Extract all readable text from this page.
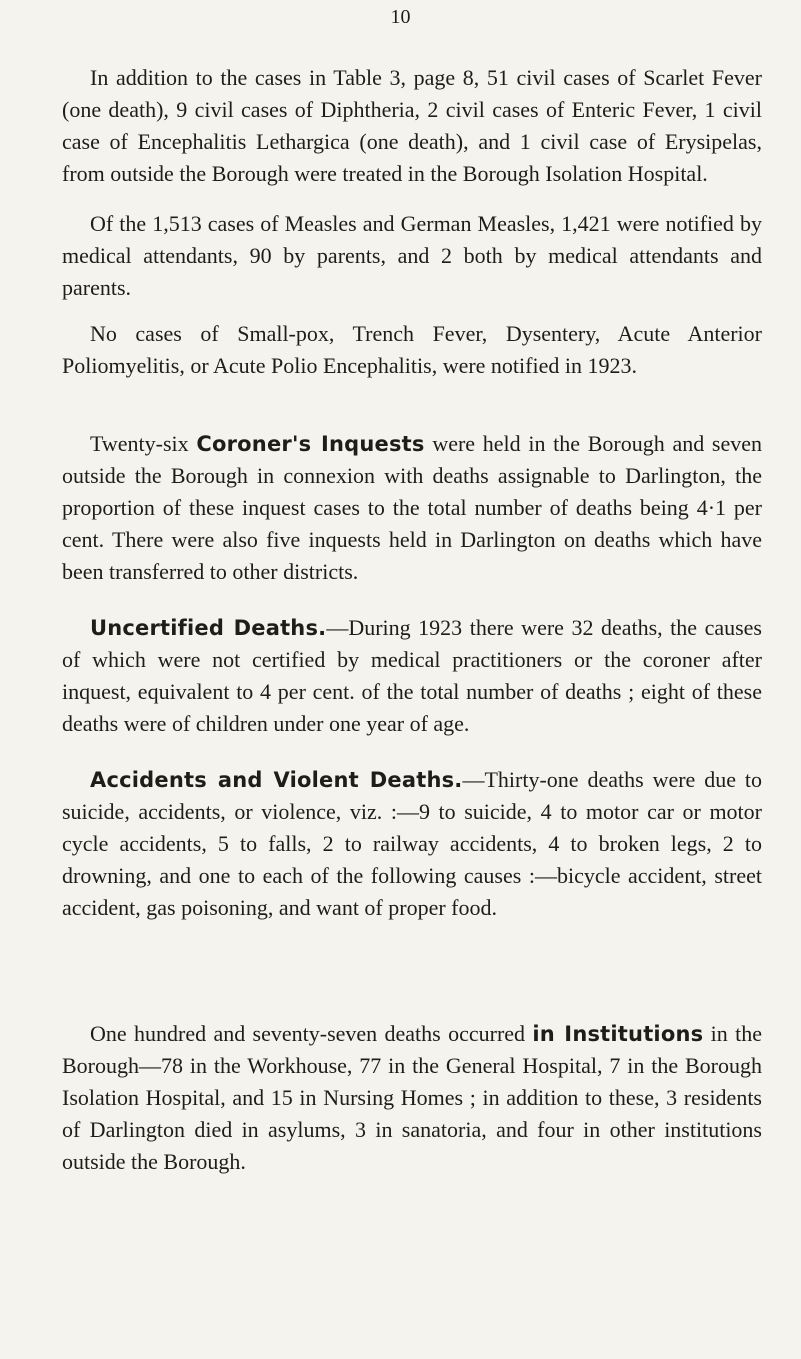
10

In addition to the cases in Table 3, page 8, 51 civil cases of Scarlet Fever (one death), 9 civil cases of Diphtheria, 2 civil cases of Enteric Fever, 1 civil case of Encephalitis Lethargica (one death), and 1 civil case of Erysipelas, from outside the Borough were treated in the Borough Isolation Hospital.

Of the 1,513 cases of Measles and German Measles, 1,421 were notified by medical attendants, 90 by parents, and 2 both by medical attendants and parents.

No cases of Small-pox, Trench Fever, Dysentery, Acute Anterior Poliomyelitis, or Acute Polio Encephalitis, were notified in 1923.

Twenty-six Coroner's Inquests were held in the Borough and seven outside the Borough in connexion with deaths assignable to Darlington, the proportion of these inquest cases to the total number of deaths being 4·1 per cent. There were also five inquests held in Darlington on deaths which have been transferred to other districts.

Uncertified Deaths.—During 1923 there were 32 deaths, the causes of which were not certified by medical practitioners or the coroner after inquest, equivalent to 4 per cent. of the total number of deaths ; eight of these deaths were of children under one year of age.

Accidents and Violent Deaths.—Thirty-one deaths were due to suicide, accidents, or violence, viz. :—9 to suicide, 4 to motor car or motor cycle accidents, 5 to falls, 2 to railway accidents, 4 to broken legs, 2 to drowning, and one to each of the following causes :—bicycle accident, street accident, gas poisoning, and want of proper food.

One hundred and seventy-seven deaths occurred in Institutions in the Borough—78 in the Workhouse, 77 in the General Hospital, 7 in the Borough Isolation Hospital, and 15 in Nursing Homes ; in addition to these, 3 residents of Darlington died in asylums, 3 in sanatoria, and four in other institutions outside the Borough.
